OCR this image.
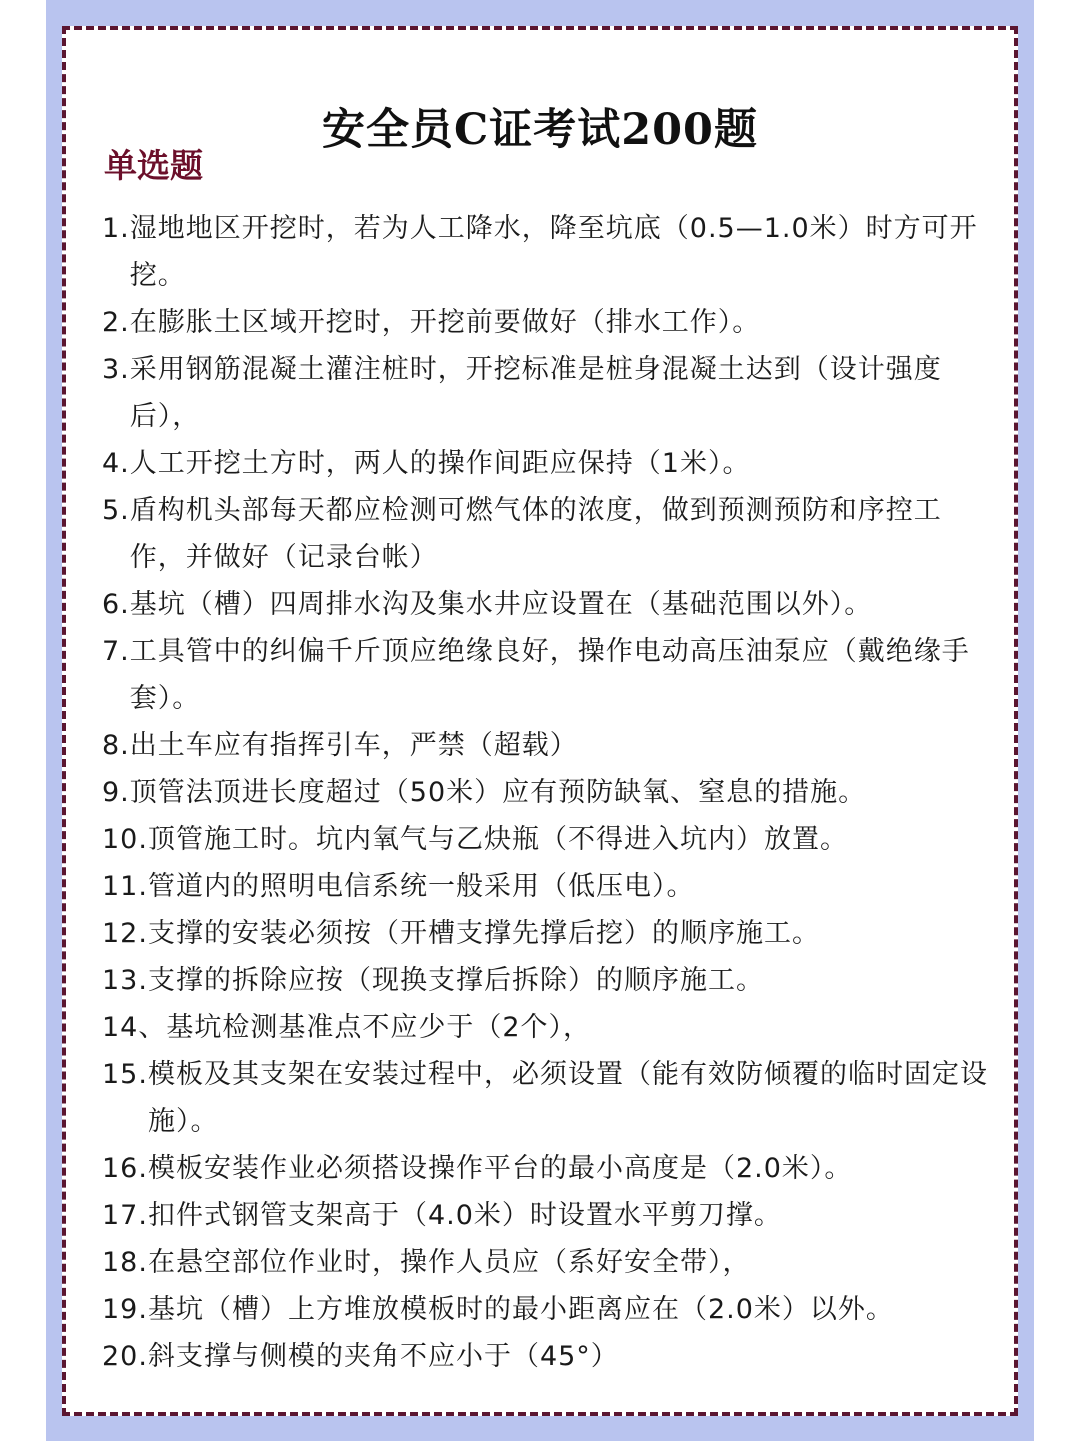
安全员C证考试200题
单选题
1. 湿地地区开挖时，若为人工降水，降至坑底（0.5—1.0米）时方可开挖。
2. 在膨胀土区域开挖时，开挖前要做好（排水工作）。
3. 采用钢筋混凝土灌注桩时，开挖标准是桩身混凝土达到（设计强度后），
4. 人工开挖土方时，两人的操作间距应保持（1米）。
5. 盾构机头部每天都应检测可燃气体的浓度，做到预测预防和序控工作，并做好（记录台帐）
6. 基坑（槽）四周排水沟及集水井应设置在（基础范围以外）。
7. 工具管中的纠偏千斤顶应绝缘良好，操作电动高压油泵应（戴绝缘手套）。
8. 出土车应有指挥引车，严禁（超载）
9. 顶管法顶进长度超过（50米）应有预防缺氧、窒息的措施。
10. 顶管施工时。坑内氧气与乙炔瓶（不得进入坑内）放置。
11. 管道内的照明电信系统一般采用（低压电）。
12. 支撑的安装必须按（开槽支撑先撑后挖）的顺序施工。
13. 支撑的拆除应按（现换支撑后拆除）的顺序施工。
14、 基坑检测基准点不应少于（2个），
15. 模板及其支架在安装过程中，必须设置（能有效防倾覆的临时固定设施）。
16. 模板安装作业必须搭设操作平台的最小高度是（2.0米）。
17. 扣件式钢管支架高于（4.0米）时设置水平剪刀撑。
18. 在悬空部位作业时，操作人员应（系好安全带），
19. 基坑（槽）上方堆放模板时的最小距离应在（2.0米）以外。
20. 斜支撑与侧模的夹角不应小于（45°）
